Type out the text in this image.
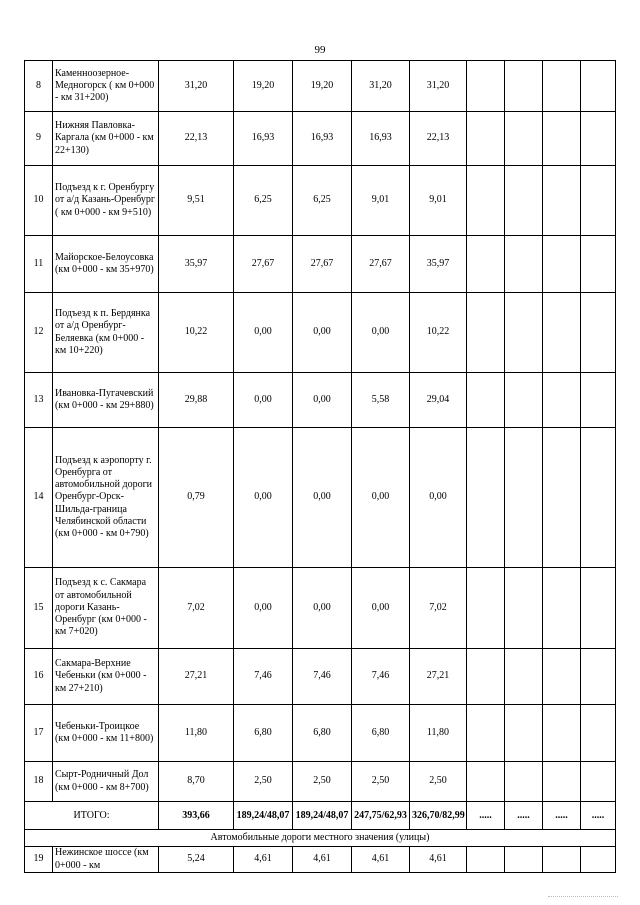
99
8	Каменноозерное-Медногорск ( км 0+000 - км 31+200)	31,20	19,20	19,20	31,20	31,20				
9	Нижняя Павловка-Каргала (км 0+000 - км 22+130)	22,13	16,93	16,93	16,93	22,13				
10	Подъезд к г. Оренбургу от а/д Казань-Оренбург ( км 0+000 - км 9+510)	9,51	6,25	6,25	9,01	9,01				
11	Майорское-Белоусовка (км 0+000 - км 35+970)	35,97	27,67	27,67	27,67	35,97				
12	Подъезд к п. Бердянка от а/д Оренбург-Беляевка (км 0+000 - км 10+220)	10,22	0,00	0,00	0,00	10,22				
13	Ивановка-Пугачевский (км 0+000 - км 29+880)	29,88	0,00	0,00	5,58	29,04				
14	Подъезд к аэропорту г. Оренбурга от автомобильной дороги Оренбург-Орск-Шильда-граница Челябинской области (км 0+000 - км 0+790)	0,79	0,00	0,00	0,00	0,00				
15	Подъезд к с. Сакмара от автомобильной дороги Казань-Оренбург (км 0+000 - км 7+020)	7,02	0,00	0,00	0,00	7,02				
16	Сакмара-Верхние Чебеньки (км 0+000 - км 27+210)	27,21	7,46	7,46	7,46	27,21				
17	Чебеньки-Троицкое (км 0+000 - км 11+800)	11,80	6,80	6,80	6,80	11,80				
18	Сырт-Родничный Дол (км 0+000 - км 8+700)	8,70	2,50	2,50	2,50	2,50				
ИТОГО:		393,66	189,24/48,07	189,24/48,07	247,75/62,93	326,70/82,99	.....	.....	.....	.....
Автомобильные дороги местного значения (улицы)										
19	Нежинское шоссе (км 0+000 - км	5,24	4,61	4,61	4,61	4,61				
